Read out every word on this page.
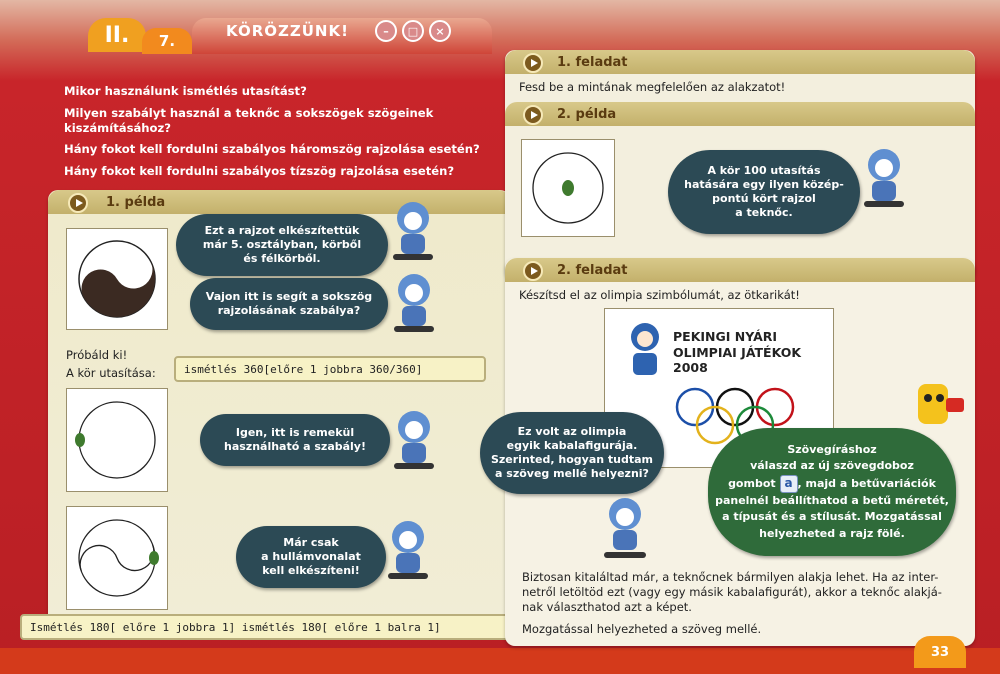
II.	7.
KÖRÖZZÜNK!	–	□	×
Mikor használunk ismétlés utasítást?
Milyen szabályt használ a teknőc a sokszögek szögeinek
kiszámításához?
Hány fokot kell fordulni szabályos háromszög rajzolása esetén?
Hány fokot kell fordulni szabályos tízszög rajzolása esetén?
1. példa
Ezt a rajzot elkészítettük
már 5. osztályban, körből
és félkörből.
Vajon itt is segít a sokszög
rajzolásának szabálya?
Próbáld ki!
A kör utasítása:	ismétlés 360[előre 1 jobbra 360/360]
Igen, itt is remekül
használható a szabály!
Már csak
a hullámvonalat
kell elkészíteni!
Ismétlés 180[ előre 1 jobbra 1] ismétlés 180[ előre 1 balra 1]
1. feladat
Fesd be a mintának megfelelően az alakzatot!
2. példa
A kör 100 utasítás
hatására egy ilyen közép-
pontú kört rajzol
a teknőc.
2. feladat
Készítsd el az olimpia szimbólumát, az ötkarikát!
PEKINGI NYÁRI
OLIMPIAI JÁTÉKOK 2008
Ez volt az olimpia
egyik kabalafigurája.
Szerinted, hogyan tudtam
a szöveg mellé helyezni?
Szövegíráshoz
válaszd az új szövegdoboz
gombot a , majd a betűvariációk
panelnél beállíthatod a betű méretét,
a típusát és a stílusát. Mozgatással
helyezheted a rajz fölé.
Biztosan kitaláltad már, a teknőcnek bármilyen alakja lehet. Ha az inter-
netről letöltöd ezt (vagy egy másik kabalafigurát), akkor a teknőc alakjá-
nak választhatod azt a képet.
Mozgatással helyezheted a szöveg mellé.
33
